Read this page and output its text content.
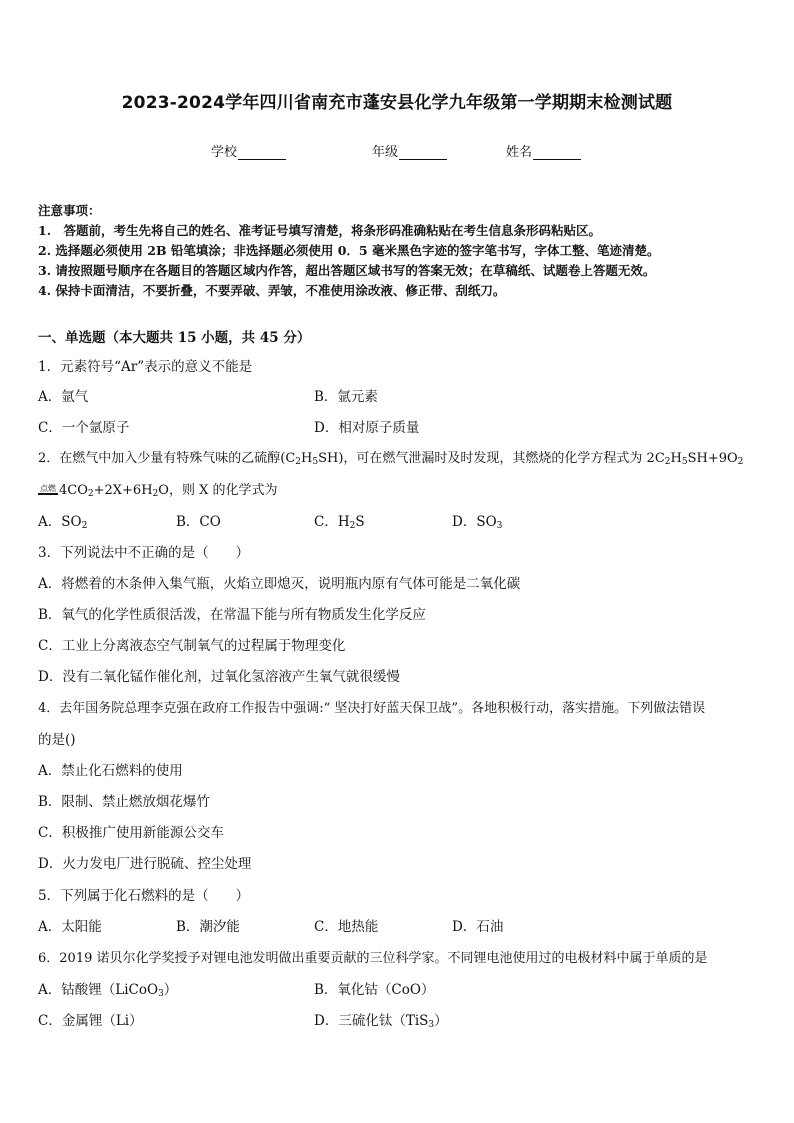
2023-2024学年四川省南充市蓬安县化学九年级第一学期期末检测试题
学校	年级	姓名
注意事项：
1.　答题前，考生先将自己的姓名、准考证号填写清楚，将条形码准确粘贴在考生信息条形码粘贴区。
2. 选择题必须使用 2B 铅笔填涂；非选择题必须使用 0．5 毫米黑色字迹的签字笔书写，字体工整、笔迹清楚。
3. 请按照题号顺序在各题目的答题区域内作答，超出答题区域书写的答案无效；在草稿纸、试题卷上答题无效。
4. 保持卡面清洁，不要折叠，不要弄破、弄皱，不准使用涂改液、修正带、刮纸刀。
一、单选题（本大题共 15 小题，共 45 分）
1．元素符号“Ar”表示的意义不能是
A．氩气	B．氩元素
C．一个氩原子	D．相对原子质量
2．在燃气中加入少量有特殊气味的乙硫醇$(C_2H_5SH)$，可在燃气泄漏时及时发现，其燃烧的化学方程式为 $2C_2H_5SH+9O_2$
点燃 $4CO_2+2X+6H_2O$，则 X 的化学式为
A．$SO_2$	B．CO	C．$H_2S$	D．$SO_3$
3．下列说法中不正确的是（　　）
A．将燃着的木条伸入集气瓶，火焰立即熄灭，说明瓶内原有气体可能是二氧化碳
B．氧气的化学性质很活泼，在常温下能与所有物质发生化学反应
C．工业上分离液态空气制氧气的过程属于物理变化
D．没有二氧化锰作催化剂，过氧化氢溶液产生氧气就很缓慢
4．去年国务院总理李克强在政府工作报告中强调:“ 坚决打好蓝天保卫战”。各地积极行动，落实措施。下列做法错误
的是()
A．禁止化石燃料的使用
B．限制、禁止燃放烟花爆竹
C．积极推广使用新能源公交车
D．火力发电厂进行脱硫、控尘处理
5．下列属于化石燃料的是（　　）
A．太阳能	B．潮汐能	C．地热能	D．石油
6．2019 诺贝尔化学奖授予对锂电池发明做出重要贡献的三位科学家。不同锂电池使用过的电极材料中属于单质的是
A．钴酸锂（LiCoO$_3$）	B．氧化钴（CoO）
C．金属锂（Li）	D．三硫化钛（TiS$_3$）
